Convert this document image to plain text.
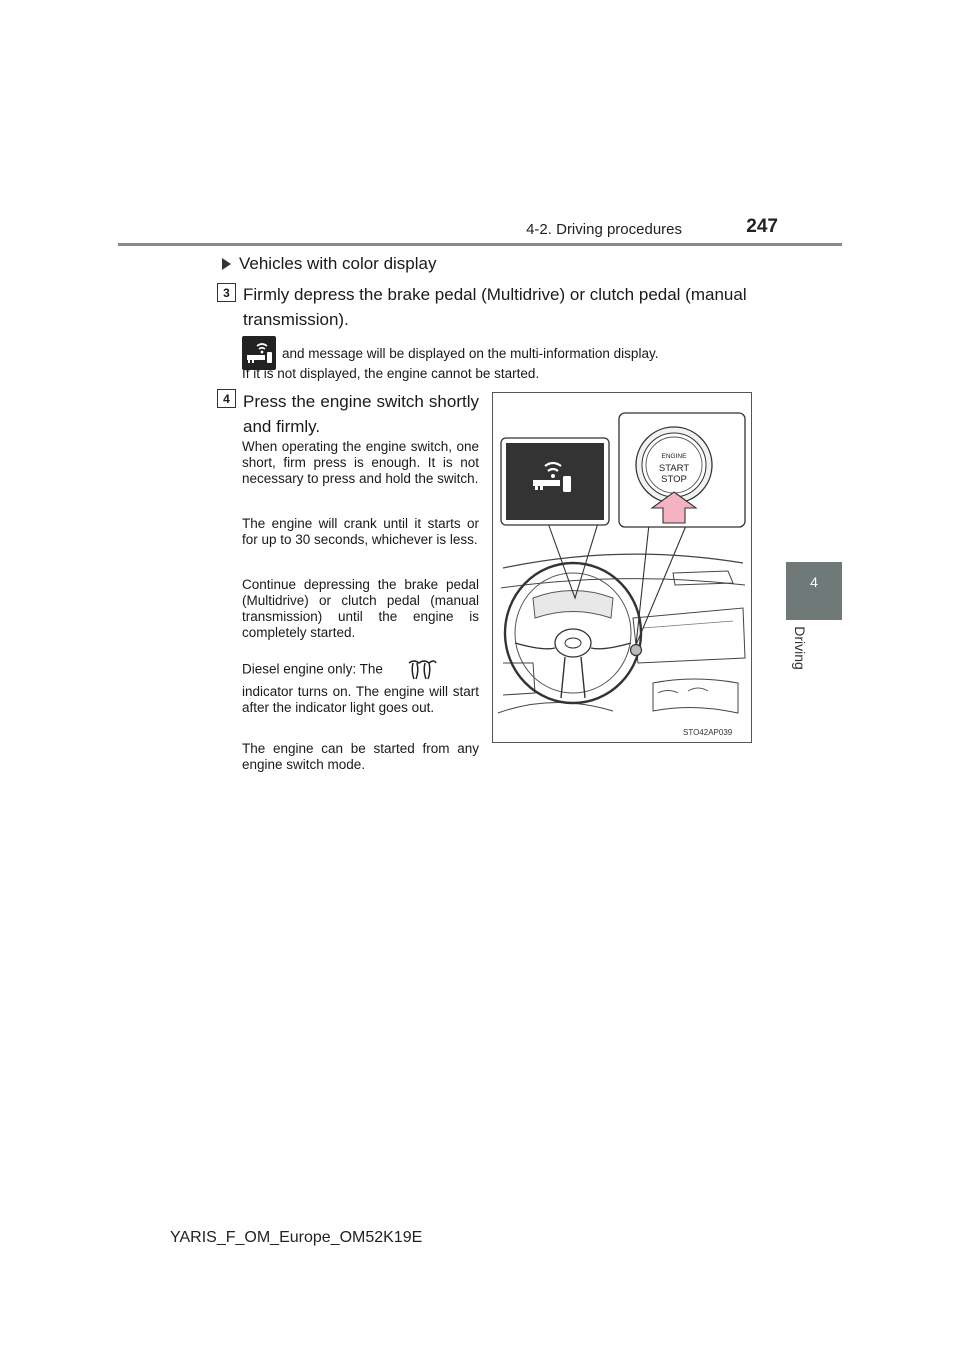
4-2. Driving procedures	247
4
Driving
Vehicles with color display
3 Firmly depress the brake pedal (Multidrive) or clutch pedal (manual transmission).
and message will be displayed on the multi-information display.
If it is not displayed, the engine cannot be started.
4 Press the engine switch shortly and firmly.
When operating the engine switch, one short, firm press is enough. It is not necessary to press and hold the switch.
The engine will crank until it starts or for up to 30 seconds, whichever is less.
Continue depressing the brake pedal (Multidrive) or clutch pedal (manual transmission) until the engine is completely started.
Diesel engine only: The
indicator turns on. The engine will start after the indicator light goes out.
The engine can be started from any engine switch mode.
ENGINE
START
STOP
STO42AP039
YARIS_F_OM_Europe_OM52K19E
